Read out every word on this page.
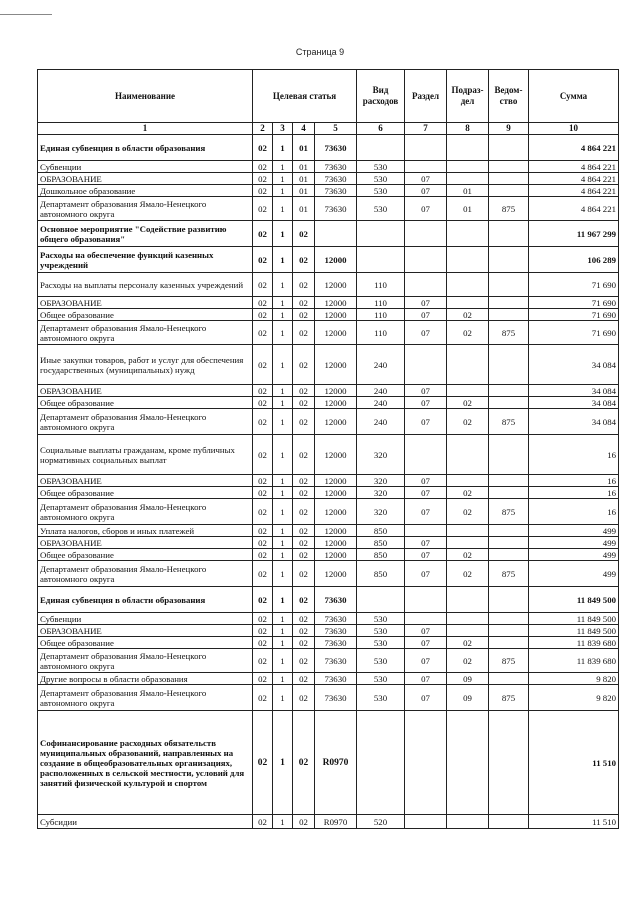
Страница 9
Наименование	Целевая статья				Вид расходов	Раздел	Подраз-дел	Ведом-ство	Сумма
1	2	3	4	5	6	7	8	9	10
Единая субвенция в области образования	02	1	01	73630					4 864 221
Субвенции	02	1	01	73630	530				4 864 221
ОБРАЗОВАНИЕ	02	1	01	73630	530	07			4 864 221
Дошкольное образование	02	1	01	73630	530	07	01		4 864 221
Департамент образования Ямало-Ненецкого автономного округа	02	1	01	73630	530	07	01	875	4 864 221
Основное мероприятие "Содействие развитию общего образования"	02	1	02						11 967 299
Расходы на обеспечение функций казенных учреждений	02	1	02	12000					106 289
Расходы на выплаты персоналу казенных учреждений	02	1	02	12000	110				71 690
ОБРАЗОВАНИЕ	02	1	02	12000	110	07			71 690
Общее образование	02	1	02	12000	110	07	02		71 690
Департамент образования Ямало-Ненецкого автономного округа	02	1	02	12000	110	07	02	875	71 690
Иные закупки товаров, работ и услуг для обеспечения государственных (муниципальных) нужд	02	1	02	12000	240				34 084
ОБРАЗОВАНИЕ	02	1	02	12000	240	07			34 084
Общее образование	02	1	02	12000	240	07	02		34 084
Департамент образования Ямало-Ненецкого автономного округа	02	1	02	12000	240	07	02	875	34 084
Социальные выплаты гражданам, кроме публичных нормативных социальных выплат	02	1	02	12000	320				16
ОБРАЗОВАНИЕ	02	1	02	12000	320	07			16
Общее образование	02	1	02	12000	320	07	02		16
Департамент образования Ямало-Ненецкого автономного округа	02	1	02	12000	320	07	02	875	16
Уплата налогов, сборов и иных платежей	02	1	02	12000	850				499
ОБРАЗОВАНИЕ	02	1	02	12000	850	07			499
Общее образование	02	1	02	12000	850	07	02		499
Департамент образования Ямало-Ненецкого автономного округа	02	1	02	12000	850	07	02	875	499
Единая субвенция в области образования	02	1	02	73630					11 849 500
Субвенции	02	1	02	73630	530				11 849 500
ОБРАЗОВАНИЕ	02	1	02	73630	530	07			11 849 500
Общее образование	02	1	02	73630	530	07	02		11 839 680
Департамент образования Ямало-Ненецкого автономного округа	02	1	02	73630	530	07	02	875	11 839 680
Другие вопросы в области образования	02	1	02	73630	530	07	09		9 820
Департамент образования Ямало-Ненецкого автономного округа	02	1	02	73630	530	07	09	875	9 820
Софинансирование расходных обязательств муниципальных образований, направленных на создание в общеобразовательных организациях, расположенных в сельской местности, условий для занятий физической культурой и спортом	02	1	02	R0970					11 510
Субсидии	02	1	02	R0970	520				11 510
